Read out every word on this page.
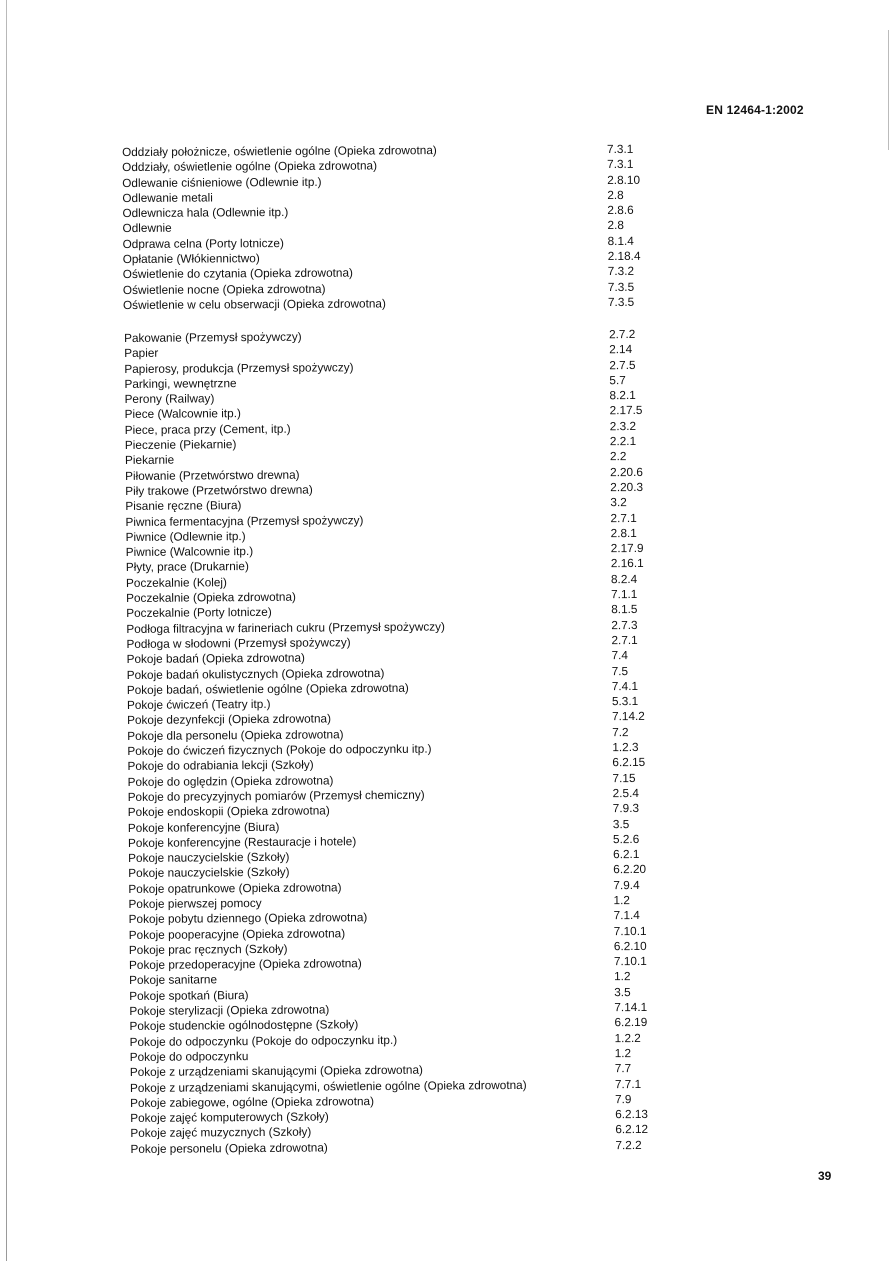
EN 12464-1:2002
Oddziały położnicze, oświetlenie ogólne (Opieka zdrowotna)	7.3.1
Oddziały, oświetlenie ogólne (Opieka zdrowotna)	7.3.1
Odlewanie ciśnieniowe (Odlewnie itp.)	2.8.10
Odlewanie metali	2.8
Odlewnicza hala (Odlewnie itp.)	2.8.6
Odlewnie	2.8
Odprawa celna (Porty lotnicze)	8.1.4
Opłatanie (Włókiennictwo)	2.18.4
Oświetlenie do czytania (Opieka zdrowotna)	7.3.2
Oświetlenie nocne (Opieka zdrowotna)	7.3.5
Oświetlenie w celu obserwacji (Opieka zdrowotna)	7.3.5
Pakowanie (Przemysł spożywczy)	2.7.2
Papier	2.14
Papierosy, produkcja (Przemysł spożywczy)	2.7.5
Parkingi, wewnętrzne	5.7
Perony (Railway)	8.2.1
Piece (Walcownie itp.)	2.17.5
Piece, praca przy (Cement, itp.)	2.3.2
Pieczenie (Piekarnie)	2.2.1
Piekarnie	2.2
Piłowanie (Przetwórstwo drewna)	2.20.6
Piły trakowe (Przetwórstwo drewna)	2.20.3
Pisanie ręczne (Biura)	3.2
Piwnica fermentacyjna (Przemysł spożywczy)	2.7.1
Piwnice (Odlewnie itp.)	2.8.1
Piwnice (Walcownie itp.)	2.17.9
Płyty, prace (Drukarnie)	2.16.1
Poczekalnie (Kolej)	8.2.4
Poczekalnie (Opieka zdrowotna)	7.1.1
Poczekalnie (Porty lotnicze)	8.1.5
Podłoga filtracyjna w farineriach cukru (Przemysł spożywczy)	2.7.3
Podłoga w słodowni (Przemysł spożywczy)	2.7.1
Pokoje badań (Opieka zdrowotna)	7.4
Pokoje badań okulistycznych (Opieka zdrowotna)	7.5
Pokoje badań, oświetlenie ogólne (Opieka zdrowotna)	7.4.1
Pokoje ćwiczeń (Teatry itp.)	5.3.1
Pokoje dezynfekcji (Opieka zdrowotna)	7.14.2
Pokoje dla personelu (Opieka zdrowotna)	7.2
Pokoje do ćwiczeń fizycznych (Pokoje do odpoczynku itp.)	1.2.3
Pokoje do odrabiania lekcji (Szkoły)	6.2.15
Pokoje do oględzin (Opieka zdrowotna)	7.15
Pokoje do precyzyjnych pomiarów (Przemysł chemiczny)	2.5.4
Pokoje endoskopii (Opieka zdrowotna)	7.9.3
Pokoje konferencyjne (Biura)	3.5
Pokoje konferencyjne (Restauracje i hotele)	5.2.6
Pokoje nauczycielskie (Szkoły)	6.2.1
Pokoje nauczycielskie (Szkoły)	6.2.20
Pokoje opatrunkowe (Opieka zdrowotna)	7.9.4
Pokoje pierwszej pomocy	1.2
Pokoje pobytu dziennego (Opieka zdrowotna)	7.1.4
Pokoje pooperacyjne (Opieka zdrowotna)	7.10.1
Pokoje prac ręcznych (Szkoły)	6.2.10
Pokoje przedoperacyjne (Opieka zdrowotna)	7.10.1
Pokoje sanitarne	1.2
Pokoje spotkań (Biura)	3.5
Pokoje sterylizacji (Opieka zdrowotna)	7.14.1
Pokoje studenckie ogólnodostępne (Szkoły)	6.2.19
Pokoje do odpoczynku (Pokoje do odpoczynku itp.)	1.2.2
Pokoje do odpoczynku	1.2
Pokoje z urządzeniami skanującymi (Opieka zdrowotna)	7.7
Pokoje z urządzeniami skanującymi, oświetlenie ogólne (Opieka zdrowotna)	7.7.1
Pokoje zabiegowe, ogólne (Opieka zdrowotna)	7.9
Pokoje zajęć komputerowych (Szkoły)	6.2.13
Pokoje zajęć muzycznych (Szkoły)	6.2.12
Pokoje personelu (Opieka zdrowotna)	7.2.2
39
